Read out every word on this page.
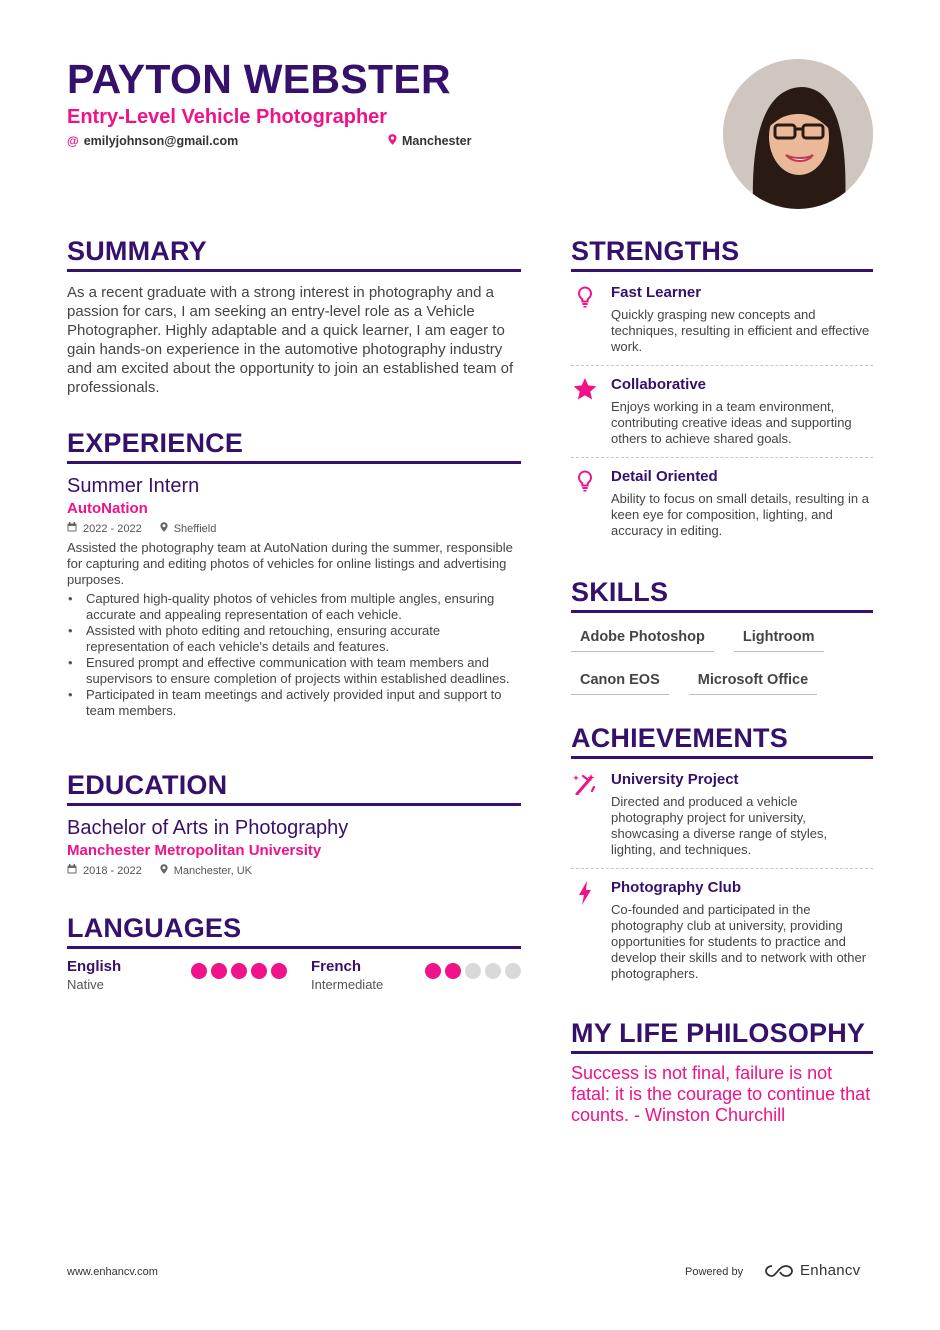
PAYTON WEBSTER
Entry-Level Vehicle Photographer
@ emilyjohnson@gmail.com	Manchester
SUMMARY
As a recent graduate with a strong interest in photography and a passion for cars, I am seeking an entry-level role as a Vehicle Photographer. Highly adaptable and a quick learner, I am eager to gain hands-on experience in the automotive photography industry and am excited about the opportunity to join an established team of professionals.
EXPERIENCE
Summer Intern
AutoNation
2022 - 2022	Sheffield
Assisted the photography team at AutoNation during the summer, responsible for capturing and editing photos of vehicles for online listings and advertising purposes.
• Captured high-quality photos of vehicles from multiple angles, ensuring accurate and appealing representation of each vehicle.
• Assisted with photo editing and retouching, ensuring accurate representation of each vehicle's details and features.
• Ensured prompt and effective communication with team members and supervisors to ensure completion of projects within established deadlines.
• Participated in team meetings and actively provided input and support to team members.
EDUCATION
Bachelor of Arts in Photography
Manchester Metropolitan University
2018 - 2022	Manchester, UK
LANGUAGES
English
Native
French
Intermediate
STRENGTHS
Fast Learner
Quickly grasping new concepts and techniques, resulting in efficient and effective work.
Collaborative
Enjoys working in a team environment, contributing creative ideas and supporting others to achieve shared goals.
Detail Oriented
Ability to focus on small details, resulting in a keen eye for composition, lighting, and accuracy in editing.
SKILLS
Adobe Photoshop	Lightroom
Canon EOS	Microsoft Office
ACHIEVEMENTS
University Project
Directed and produced a vehicle photography project for university, showcasing a diverse range of styles, lighting, and techniques.
Photography Club
Co-founded and participated in the photography club at university, providing opportunities for students to practice and develop their skills and to network with other photographers.
MY LIFE PHILOSOPHY
Success is not final, failure is not fatal: it is the courage to continue that counts. - Winston Churchill
www.enhancv.com	Powered by	Enhancv
